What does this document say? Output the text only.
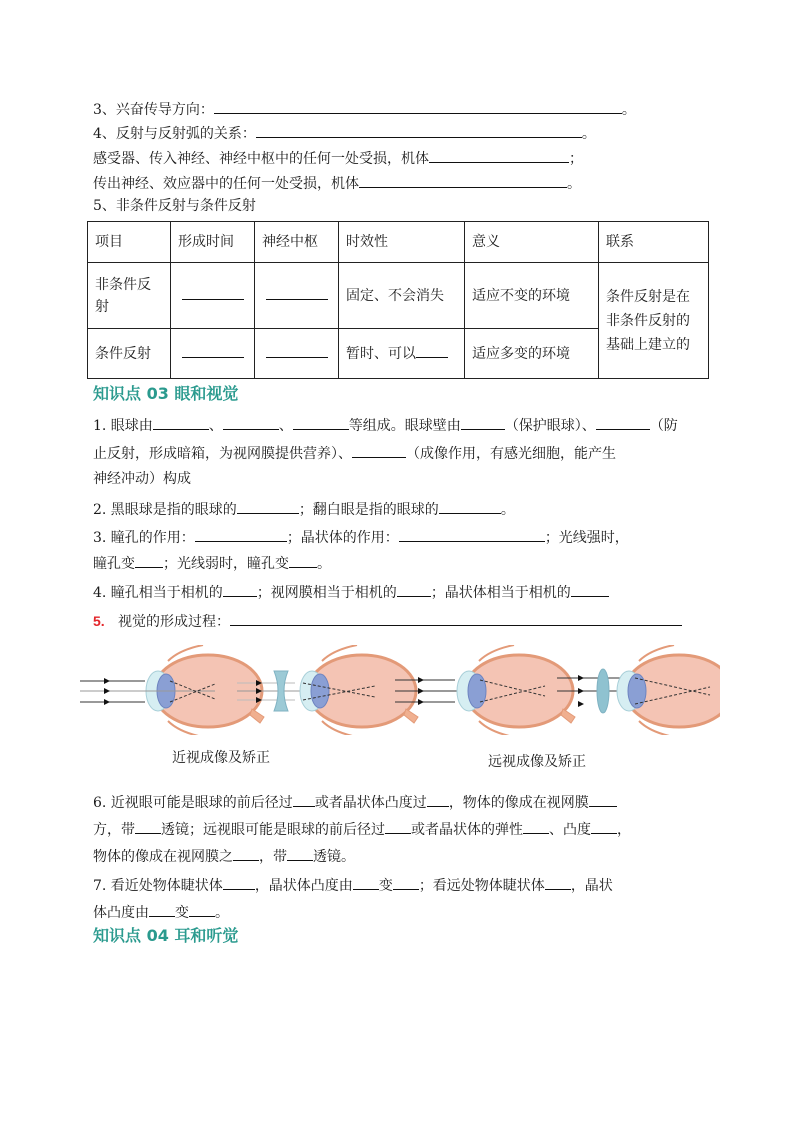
3、兴奋传导方向：	。
4、反射与反射弧的关系：	。
感受器、传入神经、神经中枢中的任何一处受损，机体	；
传出神经、效应器中的任何一处受损，机体	。
5、非条件反射与条件反射
项目	形成时间	神经中枢	时效性	意义	联系
非条件反射			固定、不会消失	适应不变的环境	条件反射是在非条件反射的基础上建立的
条件反射			暂时、可以	适应多变的环境	
知识点 03 眼和视觉
1. 眼球由	、	、	等组成。眼球壁由	（保护眼球）、	（防
止反射，形成暗箱，为视网膜提供营养）、	（成像作用，有感光细胞，能产生
神经冲动）构成
2. 黑眼球是指的眼球的	；翻白眼是指的眼球的	。
3. 瞳孔的作用：	；晶状体的作用：	；光线强时，
瞳孔变 ；光线弱时，瞳孔变 。
4. 瞳孔相当于相机的 ；视网膜相当于相机的 ；晶状体相当于相机的
5. 视觉的形成过程：
近视成像及矫正	远视成像及矫正
6. 近视眼可能是眼球的前后径过 或者晶状体凸度过 ，物体的像成在视网膜
方，带 透镜；远视眼可能是眼球的前后径过 或者晶状体的弹性 、凸度 ，
物体的像成在视网膜之 ，带 透镜。
7. 看近处物体睫状体 ，晶状体凸度由 变 ；看远处物体睫状体 ，晶状
体凸度由 变 。
知识点 04 耳和听觉
